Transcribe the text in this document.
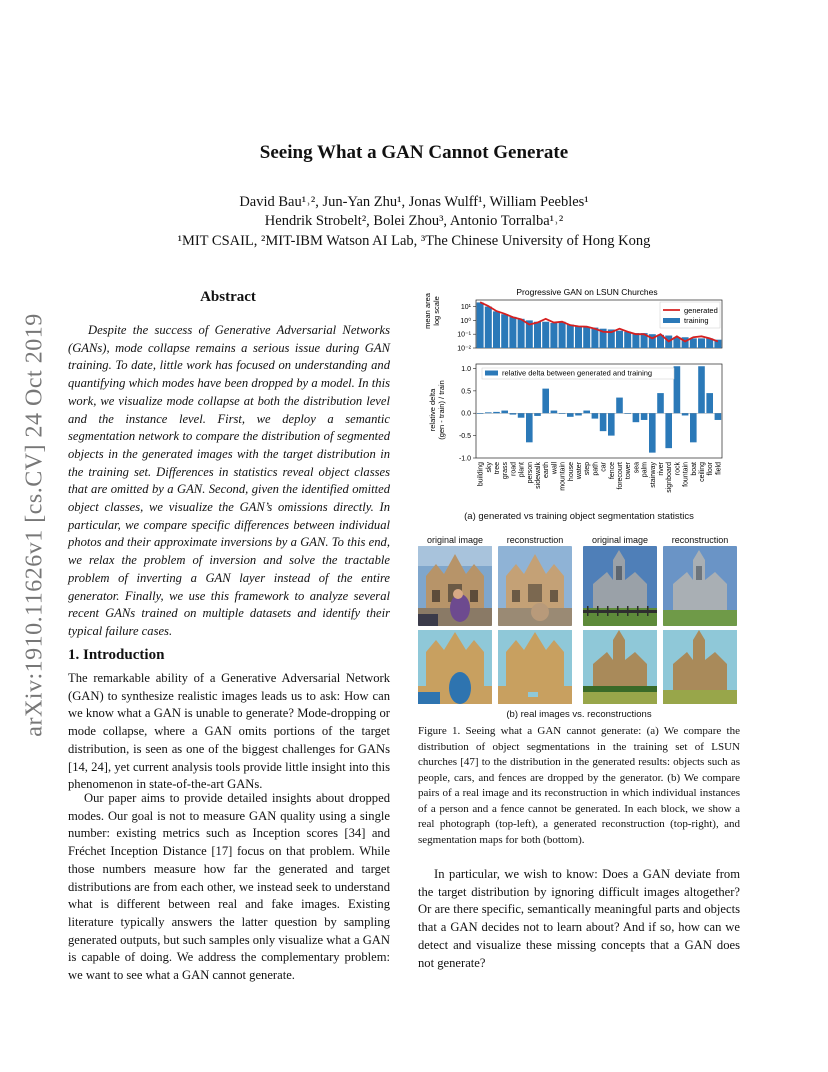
arXiv:1910.11626v1 [cs.CV] 24 Oct 2019
Seeing What a GAN Cannot Generate
David Bau¹˒², Jun-Yan Zhu¹, Jonas Wulff¹, William Peebles¹
Hendrik Strobelt², Bolei Zhou³, Antonio Torralba¹˒²
¹MIT CSAIL, ²MIT-IBM Watson AI Lab, ³The Chinese University of Hong Kong
Abstract

Despite the success of Generative Adversarial Networks (GANs), mode collapse remains a serious issue during GAN training. To date, little work has focused on understanding and quantifying which modes have been dropped by a model. In this work, we visualize mode collapse at both the distribution level and the instance level. First, we deploy a semantic segmentation network to compare the distribution of segmented objects in the generated images with the target distribution in the training set. Differences in statistics reveal object classes that are omitted by a GAN. Second, given the identified omitted object classes, we visualize the GAN’s omissions directly. In particular, we compare specific differences between individual photos and their approximate inversions by a GAN. To this end, we relax the problem of inversion and solve the tractable problem of inverting a GAN layer instead of the entire generator. Finally, we use this framework to analyze several recent GANs trained on multiple datasets and identify their typical failure cases.

1. Introduction

The remarkable ability of a Generative Adversarial Network (GAN) to synthesize realistic images leads us to ask: How can we know what a GAN is unable to generate? Mode-dropping or mode collapse, where a GAN omits portions of the target distribution, is seen as one of the biggest challenges for GANs [14, 24], yet current analysis tools provide little insight into this phenomenon in state-of-the-art GANs.

Our paper aims to provide detailed insights about dropped modes. Our goal is not to measure GAN quality using a single number: existing metrics such as Inception scores [34] and Fréchet Inception Distance [17] focus on that problem. While those numbers measure how far the generated and target distributions are from each other, we instead seek to understand what is different between real and fake images. Existing literature typically answers the latter question by sampling generated outputs, but such samples only visualize what a GAN is capable of doing. We address the complementary problem: we want to see what a GAN cannot generate.

In particular, we wish to know: Does a GAN deviate from the target distribution by ignoring difficult images altogether? Or are there specific, semantically meaningful parts and objects that a GAN decides not to learn about? And if so, how can we detect and visualize these missing concepts that a GAN does not generate?

Progressive GAN on LSUN Churches
mean area log scale
relative delta (gen - train) / train
10¹
10⁰
10⁻¹
10⁻²
generated
training
1.0
0.5
0.0
-0.5
-1.0
relative delta between generated and training
building sky tree grass road plant person sidewalk earth wall mountain house water step path car fence forecourt tower sea palm stairway river signboard rock fountain boat ceiling floor field
(a) generated vs training object segmentation statistics
original image	reconstruction	original image	reconstruction
(b) real images vs. reconstructions

Figure 1. Seeing what a GAN cannot generate: (a) We compare the distribution of object segmentations in the training set of LSUN churches [47] to the distribution in the generated results: objects such as people, cars, and fences are dropped by the generator. (b) We compare pairs of a real image and its reconstruction in which individual instances of a person and a fence cannot be generated. In each block, we show a real photograph (top-left), a generated reconstruction (top-right), and segmentation maps for both (bottom).
